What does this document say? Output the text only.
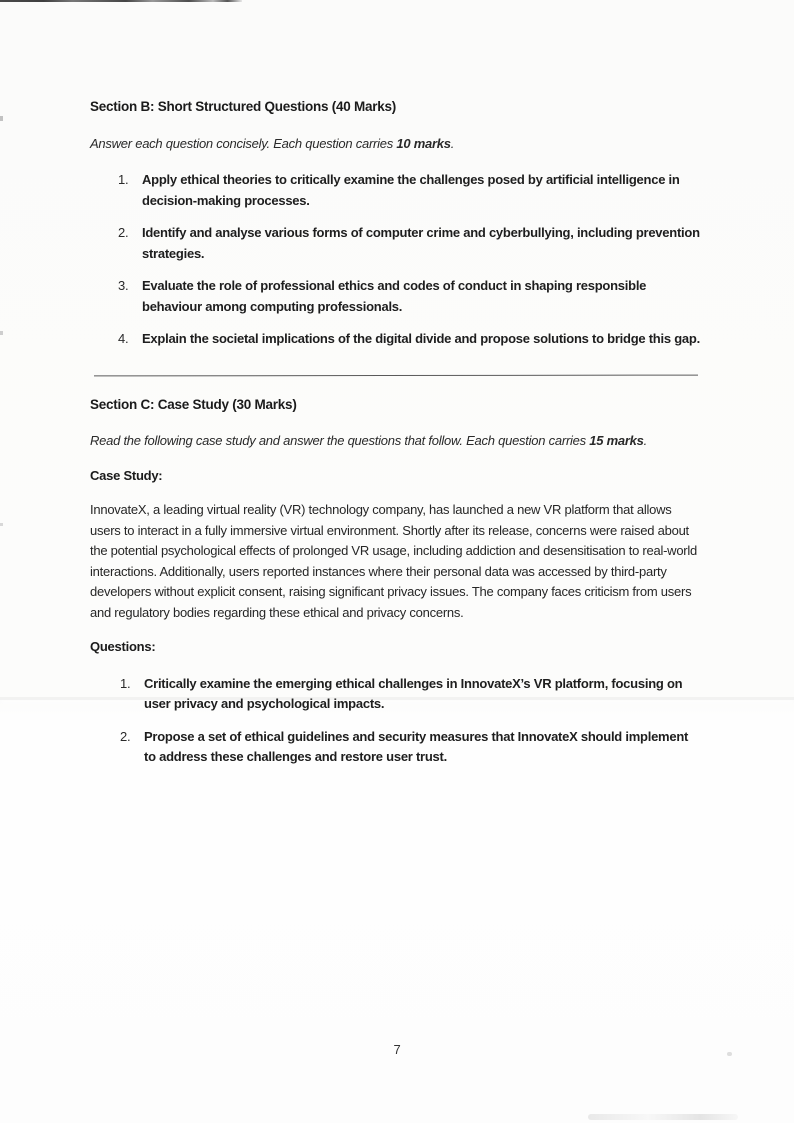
Section B: Short Structured Questions (40 Marks)
Answer each question concisely. Each question carries 10 marks.
1.	Apply ethical theories to critically examine the challenges posed by artificial intelligence in decision-making processes.
2.	Identify and analyse various forms of computer crime and cyberbullying, including prevention strategies.
3.	Evaluate the role of professional ethics and codes of conduct in shaping responsible behaviour among computing professionals.
4.	Explain the societal implications of the digital divide and propose solutions to bridge this gap.
Section C: Case Study (30 Marks)
Read the following case study and answer the questions that follow. Each question carries 15 marks.
Case Study:
InnovateX, a leading virtual reality (VR) technology company, has launched a new VR platform that allows users to interact in a fully immersive virtual environment. Shortly after its release, concerns were raised about the potential psychological effects of prolonged VR usage, including addiction and desensitisation to real-world interactions. Additionally, users reported instances where their personal data was accessed by third-party developers without explicit consent, raising significant privacy issues. The company faces criticism from users and regulatory bodies regarding these ethical and privacy concerns.
Questions:
1.	Critically examine the emerging ethical challenges in InnovateX’s VR platform, focusing on user privacy and psychological impacts.
2.	Propose a set of ethical guidelines and security measures that InnovateX should implement to address these challenges and restore user trust.
7
